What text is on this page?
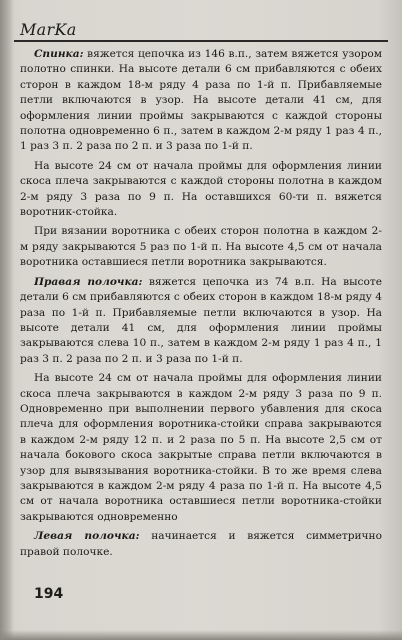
MarKa

Спинка: вяжется цепочка из 146 в.п., затем вяжется узором полотно спинки. На высоте детали 6 см прибавляются с обеих сторон в каждом 18-м ряду 4 раза по 1-й п. Прибавляемые петли включаются в узор. На высоте детали 41 см, для оформления линии проймы закрываются с каждой стороны полотна одновременно 6 п., затем в каждом 2-м ряду 1 раз 4 п., 1 раз 3 п. 2 раза по 2 п. и 3 раза по 1-й п.

На высоте 24 см от начала проймы для оформления линии скоса плеча закрываются с каждой стороны полотна в каждом 2-м ряду 3 раза по 9 п. На оставшихся 60-ти п. вяжется воротник-стойка.

При вязании воротника с обеих сторон полотна в каждом 2-м ряду закрываются 5 раз по 1-й п. На высоте 4,5 см от начала воротника оставшиеся петли воротника закрываются.

Правая полочка: вяжется цепочка из 74 в.п. На высоте детали 6 см прибавляются с обеих сторон в каждом 18-м ряду 4 раза по 1-й п. Прибавляемые петли включаются в узор. На высоте детали 41 см, для оформления линии проймы закрываются слева 10 п., затем в каждом 2-м ряду 1 раз 4 п., 1 раз 3 п. 2 раза по 2 п. и 3 раза по 1-й п.

На высоте 24 см от начала проймы для оформления линии скоса плеча закрываются в каждом 2-м ряду 3 раза по 9 п. Одновременно при выполнении первого убавления для скоса плеча для оформления воротника-стойки справа закрываются в каждом 2-м ряду 12 п. и 2 раза по 5 п. На высоте 2,5 см от начала бокового скоса закрытые справа петли включаются в узор для вывязывания воротника-стойки. В то же время слева закрываются в каждом 2-м ряду 4 раза по 1-й п. На высоте 4,5 см от начала воротника оставшиеся петли воротника-стойки закрываются одновременно

Левая полочка: начинается и вяжется симметрично правой полочке.

194
